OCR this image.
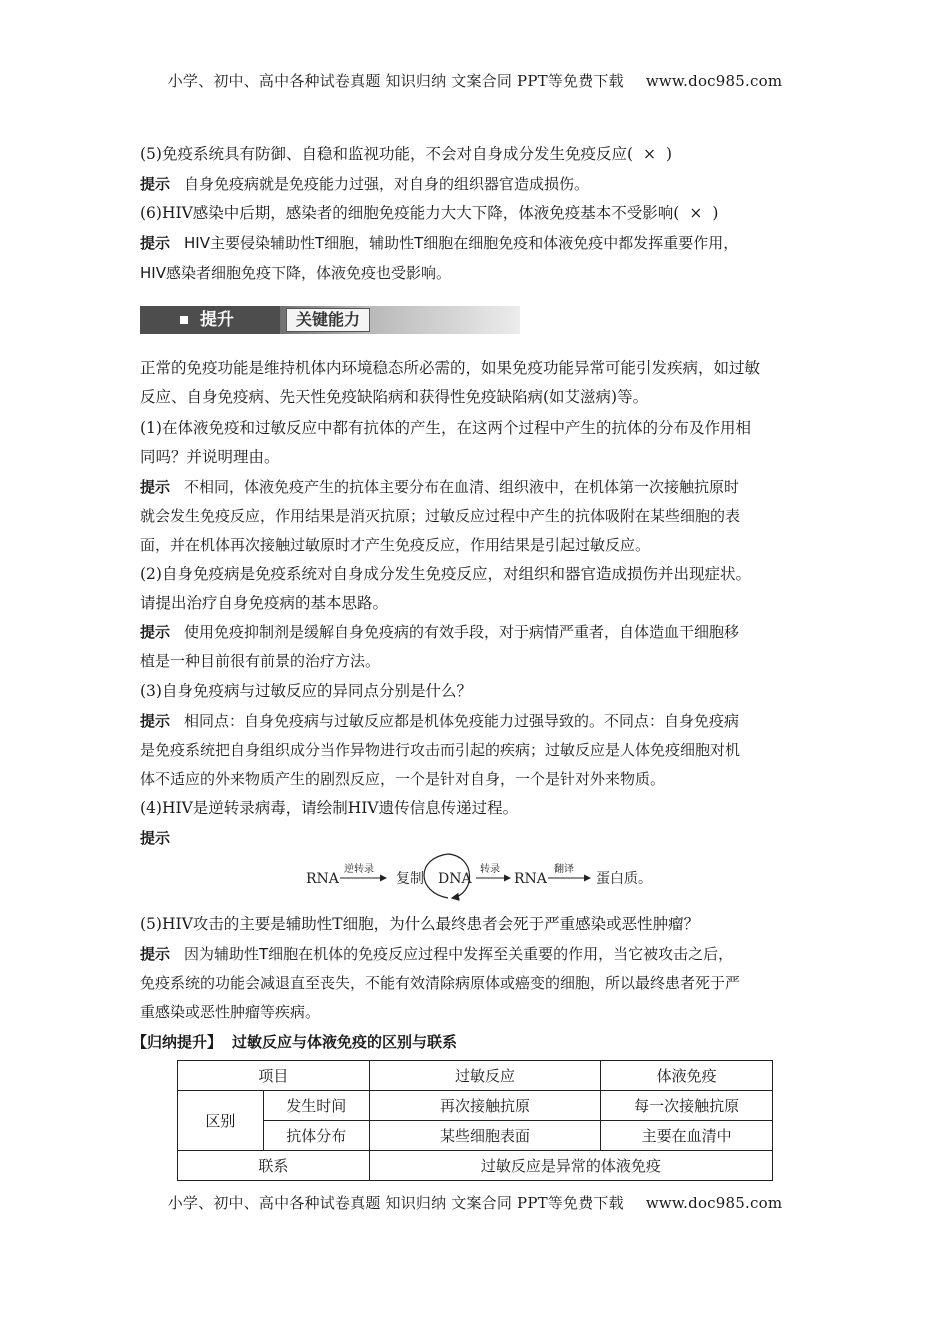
小学、初中、高中各种试卷真题 知识归纳 文案合同 PPT等免费下载 www.doc985.com
(5)免疫系统具有防御、自稳和监视功能，不会对自身成分发生免疫反应( × )
提示 自身免疫病就是免疫能力过强，对自身的组织器官造成损伤。
(6)HIV感染中后期，感染者的细胞免疫能力大大下降，体液免疫基本不受影响( × )
提示 HIV主要侵染辅助性T细胞，辅助性T细胞在细胞免疫和体液免疫中都发挥重要作用，
HIV感染者细胞免疫下降，体液免疫也受影响。
提升	关键能力
正常的免疫功能是维持机体内环境稳态所必需的，如果免疫功能异常可能引发疾病，如过敏
反应、自身免疫病、先天性免疫缺陷病和获得性免疫缺陷病(如艾滋病)等。
(1)在体液免疫和过敏反应中都有抗体的产生，在这两个过程中产生的抗体的分布及作用相
同吗？并说明理由。
提示 不相同，体液免疫产生的抗体主要分布在血清、组织液中，在机体第一次接触抗原时
就会发生免疫反应，作用结果是消灭抗原；过敏反应过程中产生的抗体吸附在某些细胞的表
面，并在机体再次接触过敏原时才产生免疫反应，作用结果是引起过敏反应。
(2)自身免疫病是免疫系统对自身成分发生免疫反应，对组织和器官造成损伤并出现症状。
请提出治疗自身免疫病的基本思路。
提示 使用免疫抑制剂是缓解自身免疫病的有效手段，对于病情严重者，自体造血干细胞移
植是一种目前很有前景的治疗方法。
(3)自身免疫病与过敏反应的异同点分别是什么？
提示 相同点：自身免疫病与过敏反应都是机体免疫能力过强导致的。不同点：自身免疫病
是免疫系统把自身组织成分当作异物进行攻击而引起的疾病；过敏反应是人体免疫细胞对机
体不适应的外来物质产生的剧烈反应，一个是针对自身，一个是针对外来物质。
(4)HIV是逆转录病毒，请绘制HIV遗传信息传递过程。
提示
RNA
逆转录
复制 DNA
转录
RNA
翻译
蛋白质。
(5)HIV攻击的主要是辅助性T细胞，为什么最终患者会死于严重感染或恶性肿瘤？
提示 因为辅助性T细胞在机体的免疫反应过程中发挥至关重要的作用，当它被攻击之后，
免疫系统的功能会减退直至丧失，不能有效清除病原体或癌变的细胞，所以最终患者死于严
重感染或恶性肿瘤等疾病。
【归纳提升】 过敏反应与体液免疫的区别与联系
项目		过敏反应	体液免疫
区别	发生时间	再次接触抗原	每一次接触抗原
	抗体分布	某些细胞表面	主要在血清中
联系		过敏反应是异常的体液免疫	
小学、初中、高中各种试卷真题 知识归纳 文案合同 PPT等免费下载 www.doc985.com
